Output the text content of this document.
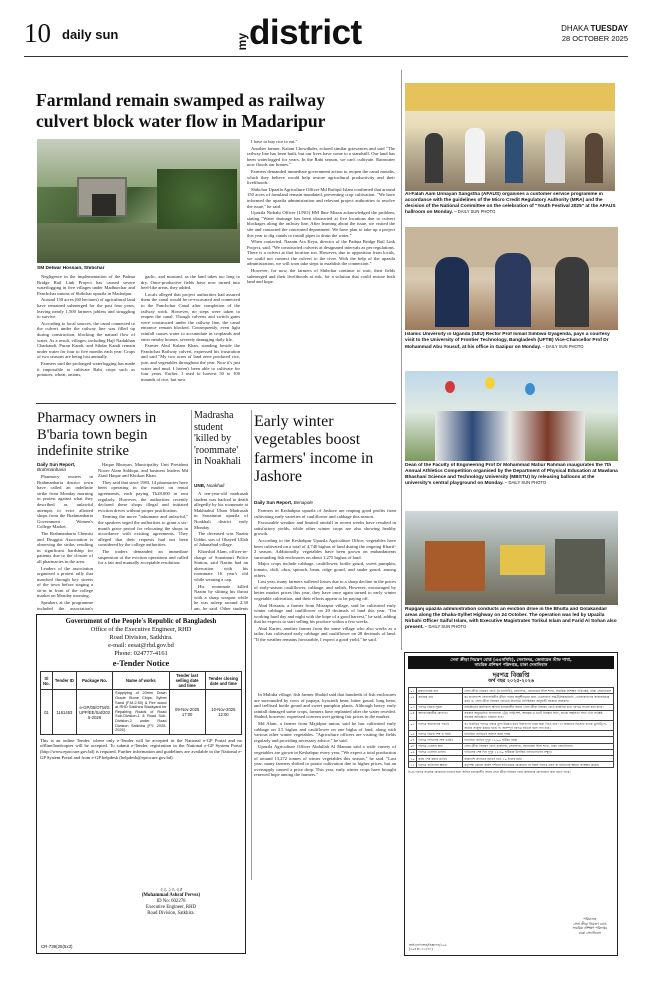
10 daily sun	my district	DHAKA TUESDAY
28 OCTOBER 2025
Farmland remain swamped as railway
culvert block water flow in Madaripur
SM Delwar Hossain, Shibchar

Negligence in the implementation of the Padma Bridge Rail Link Project has caused severe waterlogging in five villages under Madhurchar and Panchchar unions of Shibchar upazila in Madaripur.

Around 150 acres (60 hectares) of agricultural land have remained submerged for the past four years, leaving nearly 1,500 farmers jobless and struggling to survive.

According to local sources, the canal connected to the culvert under the railway line was filled up during construction, blocking the natural flow of water. As a result, villages, including Hajl Nadukhan Charkandi, Puran Kandi, and Sikdar Kandi remain under water for four to five months each year. Crops of two seasons are being lost annually.

Farmers said the prolonged waterlogging has made it impossible to cultivate Rabi crops such as potatoes, wheat, onions,

garlic, and mustard, as the land takes too long to dry. Once-productive fields have now turned into beel-like areas, they added.

Locals alleged that project authorities had assured them the canal would be re-excavated and connected to the Panchchar Canal after completion of the railway work. However, no steps were taken to reopen the canal. Though culverts and switch gates were constructed under the railway line, the canal entrance remain blocked. Consequently, even light rainfall causes water to accumulate in croplands and enter nearby houses, severely damaging daily life.

Farmer Abul Kalam Khan, standing beside the Panchchar Railway culvert, expressed his frustration and said "My two acres of land once produced rice, jute, and vegetables throughout the year. Now it's just water and mud. I haven't been able to cultivate for four years. Earlier, I used to harvest 50 to 100 maunds of rice, but now

I have to buy rice to eat."

Another farmer, Kalam Chowdkder, echoed similar grievances and said "The railway line has been built, but our lives have come to a standstill. Our land has been waterlogged for years. In the Rabi season, we can't cultivate. Rainwater now floods our homes."

Farmers demanded immediate government action to reopen the canal mouths, which they believe would help restore agricultural productivity and their livelihoods.

Shibchar Upazila Agriculture Officer Md Rafiqul Islam confirmed that around 150 acres of farmland remain inundated, preventing crop cultivation. "We have informed the upazila administration and relevant project authorities to resolve the issue," he said.

Upazila Nirbahi Officer (UNO) HM Ibne Mizan acknowledged the problem, stating "Water drainage has been obstructed at five locations due to culvert blockages along the railway line. After learning about the issue, we visited the site and contacted the concerned department. We have plan to take up a project this year to dig canals or install pipes to drain the water."

When contacted, Naznin Ara Keya, director of the Padma Bridge Rail Link Project, said, "We constructed culverts at designated intervals as per regulations. There is a culvert at that location too. However, due to opposition from locals, we could not connect the culvert to the river. With the help of the upazila administration, we will soon take steps to establish the connection."

However, for now, the farmers of Shibchar continue to wait, their fields submerged and their livelihoods at risk, for a solution that could restore both land and hope.

Al-Falah Aam Unnayan Sangstha (AFAUS) organises a customer service programme in accordance with the guidelines of the Micro Credit Regulatory Authority (MRA) and the decision of the National Committee on the celebration of "Youth Festival 2025" at the AFAUS hallroom on Monday. – DAILY SUN PHOTO
Islamic University in Uganda (IUIU) Rector Prof Ismail Simbwa Gyagenda, pays a courtesy visit to the University of Frontier Technology, Bangladesh (UFTB) Vice-Chancellor Prof Dr Mohammad Abu Yousuf, at his office in Gazipur on Monday. – DAILY SUN PHOTO
Dean of the Faculty of Engineering Prof Dr Mohammad Matiur Rahman inaugurates the 7th Annual Athletics Competition organised by the Department of Physical Education at Mawlana Bhashani Science and Technology University (MBSTU) by releasing balloons at the university's central playground on Monday. – DAILY SUN PHOTO
Rupganj upazila administration conducts an eviction drive in the Bhulta and Golakandail areas along the Dhaka-Sylhet Highway on 24 October. The operation was led by Upazila Nirbahi Officer Saiful Islam, with Executive Magistrates Torikul Islam and Farid Al Sohan also present. – DAILY SUN PHOTO
Pharmacy owners in B'baria town begin indefinite strike
Daily Sun Report,
Brahmanbaria

Pharmacy owners in Brahmanbaria district town have called an indefinite strike from Monday morning in protest against what they described as unlawful attempts to evict allotted shops from the Brahmanbaria Government Women's College Market.

The Brahmanbaria Chemist and Druggist Association is observing the strike, resulting in significant hardship for patients due to the closure of all pharmacies in the area.

Leaders of the association organised a protest rally that marched through key streets of the town before staging a sit-in in front of the college market on Monday morning.

Speakers at the programme included the association's

Haque Bhuiyan, Municipality Unit President Noore Alam Siddiqui, and business leaders Md Ziaul Haque and Khokon Khan.

They said that since 1983, 14 pharmacies have been operating in the market on rental agreements, each paying Tk28,000 in rent regularly. However, the authorities recently declared these shops illegal and initiated eviction drives without proper justification.

Terming the move "inhumane and unlawful," the speakers urged the authorities to grant a six-month grace period for relocating the shops in accordance with existing agreements. They alleged that their requests had not been considered by the college authorities.

The traders demanded an immediate suspension of the eviction operations and called for a fair and mutually acceptable resolution.

Madrasha student 'killed by 'roommate' in Noakhali
UNB, Noakhali

A ten-year-old madrasah student was hacked to death allegedly by his roommate at Makhtabul Ulum Madrasah in Sonaimuri upazila of Noakhali district early Monday.

The deceased was Nazim Uddin, son of Obayed Ullah of Jahanabad village.

Khorshid Alam, officer-in-charge of Sonaimuri Police Station, said Nazim had an altercation with his roommate 16 year's old while wearing a cap.

His roommate killed Nazim by slitting his throat with a sharp weapon while he was asleep around 2.30 am, he said. Other students

Early winter vegetables boost farmers' income in Jashore
Daily Sun Report, Benapole

Farmers in Keshabpur upazila of Jashore are reaping good profits from cultivating early varieties of cauliflower and cabbage this season.

Favourable weather and limited rainfall in recent weeks have resulted in satisfactory yields, while other winter crops are also showing healthy growth.

According to the Keshabpur Upazila Agriculture Office, vegetables have been cultivated on a total of 4,740 bighas of land during the ongoing Kharif-2 season. Additionally, vegetables have been grown on embankments surrounding fish enclosures on about 1,275 bighas of land.

Major crops include cabbage, cauliflower, bottle gourd, sweet pumpkin, tomato, chili, okra, spinach, bean, ridge gourd, and snake gourd, among others.

Last year, many farmers suffered losses due to a sharp decline in the prices of early-season cauliflower, cabbage, and radish. However, encouraged by better market prices this year, they have once again turned to early winter vegetable cultivation, and their efforts appear to be paying off.

Abul Hossain, a farmer from Mirzapur village, said he cultivated early winter cabbage and cauliflower on 20 decimals of land this year. "I'm working hard day and night with the hope of a good harvest," he said, adding that he expects to start selling his produce within a few weeks.

Abul Karim, another farmer from the same village who also works as a tailor, has cultivated early cabbage and cauliflower on 28 decimals of land. "If the weather remains favourable, I expect a good yield," he said.

In Malidia village, fish farmer Shahid said that hundreds of fish enclosures are surrounded by rows of papaya, hyacinth bean, bitter gourd, long bean, and trellised bottle gourd and sweet pumpkin plants. Although heavy early rainfall damaged some crops, farmers have replanted after the water receded. Shahid, however, expressed concern over getting fair prices in the market.

Md Alam, a farmer from Majidpur union, said he has cultivated early cabbage on 3.5 bighas and cauliflower on one bigha of land, along with various other winter vegetables. "Agriculture officers are visiting the fields regularly and providing necessary advice," he said.

Upazila Agriculture Officer Abdullah Al Mamun said a wide variety of vegetables are grown in Keshabpur every year. "We expect a total production of around 13,272 tonnes of winter vegetables this season," he said. "Last year, many farmers shifted to potato cultivation due to higher prices, but an oversupply caused a price drop. This year, early winter crops have brought renewed hope among the farmers."

Government of the People's Republic of Bangladesh
Office of the Executive Engineer, RHD
Road Division, Satkhira.
e-mail: eesat@rhd.gov.bd
Phone: 024777-4161
e-Tender Notice
Sl No.	Tender ID	Package No.	Name of works	Tender last selling date and time	Tender closing date and time
01	1161453	e-GP/05/OTM/SUPP/EE/Sat/2025-2026	Supplying of 20mm Down Grade Stone Chips, Sylhet Sand (F.M-2.50) & Fire wood at RHD Satkhira Stackyard for Repairing Roads of Road Sub-Division-1 & Road Sub-Division-2 under Road Division Satkhira [FY: 2025-2026].	09-Nov-2025 17:00	10-Nov-2025 12:00
This is an online Tender, where only e-Tender will be accepted in the National e-GP Portal and no offline/hardcopies will be accepted. To submit e-Tender, registration in the National e-GP System Portal (http://www.eprocure.gov.bd) is required. Further information and guidelines are available in the National e-GP System Portal and from e-GP helpdesk (helpdesk@eprocure.gov.bd).
CR-739(25(5x3)
২২.১০.২৫
(Mohammad Ashraf Pervez)
ID No: 602278
Executive Engineer, RHD
Road Division, Satkhira.
সেনা ক্রীড়া নিয়ন্ত্রণ বোর্ড (এএসসিবি), সেনাসদর, জেনারেল স্টাফ শাখা,
সামরিক প্রশিক্ষণ পরিদপ্তর, ঢাকা সেনানিবাস
দরপত্র বিজ্ঞপ্তি
অর্থ বছর ২০২৫-২০২৬
০১	মন্ত্রণালয়ের নাম	সেনা ক্রীড়া নিয়ন্ত্রণ বোর্ড (এএসসিবি), সেনাসদর, জেনারেল স্টাফ শাখা, সামরিক প্রশিক্ষণ পরিদপ্তর, ঢাকা সেনানিবাস
০২	কাজের নাম	ক। বাংলাদেশ সেনাবাহিনীর ক্রীড়া দলের অনুশীলনের জন্য খেলোয়াড় সামগ্রী/সরঞ্জামাদি, খেলোয়াড়দের সাজসরঞ্জাম ক্রয়। খ। সেনা ক্রীড়া নিয়ন্ত্রণ বোর্ডের নির্ধারিত নির্দিষ্টকরণ অনুযায়ী সরঞ্জাম সরবরাহ।
০৩	দরপত্র বিক্রয় সূচনা	প্রতিষ্ঠানের কর্মদিবসে অফিস চলাকালীন সময়ে সেনা ক্রীড়া নিয়ন্ত্রণ বোর্ড কার্যালয় হতে দরপত্র সংগ্রহ করা যাবে।
০৪	আবেদনকারীর যোগ্যতা	সরকার অনুমোদিত হালনাগাদ ট্রেড লাইসেন্স, আয়কর ও ভ্যাট নিবন্ধন সনদ, ব্যাংক সচ্ছলতা সনদ এবং সংশ্লিষ্ট কাজের অভিজ্ঞতা থাকতে হবে।
০৫	দরপত্র জমাদানের পদ্ধতি	ক। নির্ধারিত দরপত্র ফরমে মূল্য উল্লেখ করে সিলগালা খামে জমা দিতে হবে। খ। জামানত হিসেবে ব্যাংক ড্রাফট/পে-অর্ডার সংযুক্ত করতে হবে। গ। অসম্পূর্ণ দরপত্র বাতিল বলে গণ্য হবে।
০৬	দরপত্র বিক্রয় শেষ ও সময়	নির্ধারিত তারিখের অফিস সময় পর্যন্ত
০৭	দরপত্র দাখিলের শেষ তারিখ	নির্ধারিত তারিখ দুপুর ১২:০০ ঘটিকা পর্যন্ত
০৮	দরপত্র খোলার স্থান	সেনা ক্রীড়া নিয়ন্ত্রণ বোর্ড কার্যালয়, সেনাসদর, জেনারেল স্টাফ শাখা, ঢাকা সেনানিবাস।
০৯	দরপত্র খোলার তারিখ	দাখিলের শেষ দিন দুপুর ১২:৩০ ঘটিকায় উপস্থিত দরদাতাগণের সম্মুখে
১০	কাজ শেষ করার তারিখ	কার্যাদেশ প্রদানের তারিখ হতে ১০ দিনের মধ্যে
১১	দরপত্র বাতিলের ক্ষমতা	কর্তৃপক্ষ কোনো কারণ দর্শানো ব্যতিরেকে যেকোনো বা সকল দরপত্র গ্রহণ বা বাতিলের ক্ষমতা সংরক্ষণ করেন।
বি.দ্র: দরপত্র সংক্রান্ত যেকোনো তথ্যের জন্য অফিস চলাকালীন সময়ে সেনা ক্রীড়া নিয়ন্ত্রণ বোর্ড কার্যালয়ে যোগাযোগ করা যেতে পারে।
পরিচালক
সেনা ক্রীড়া নিয়ন্ত্রণ বোর্ড
সামরিক প্রশিক্ষণ পরিদপ্তর
ঢাকা সেনানিবাস
আইএসপিআর/বিজ্ঞাপন/৩০৬
(৩০৪×১৩১৬৭৮)
